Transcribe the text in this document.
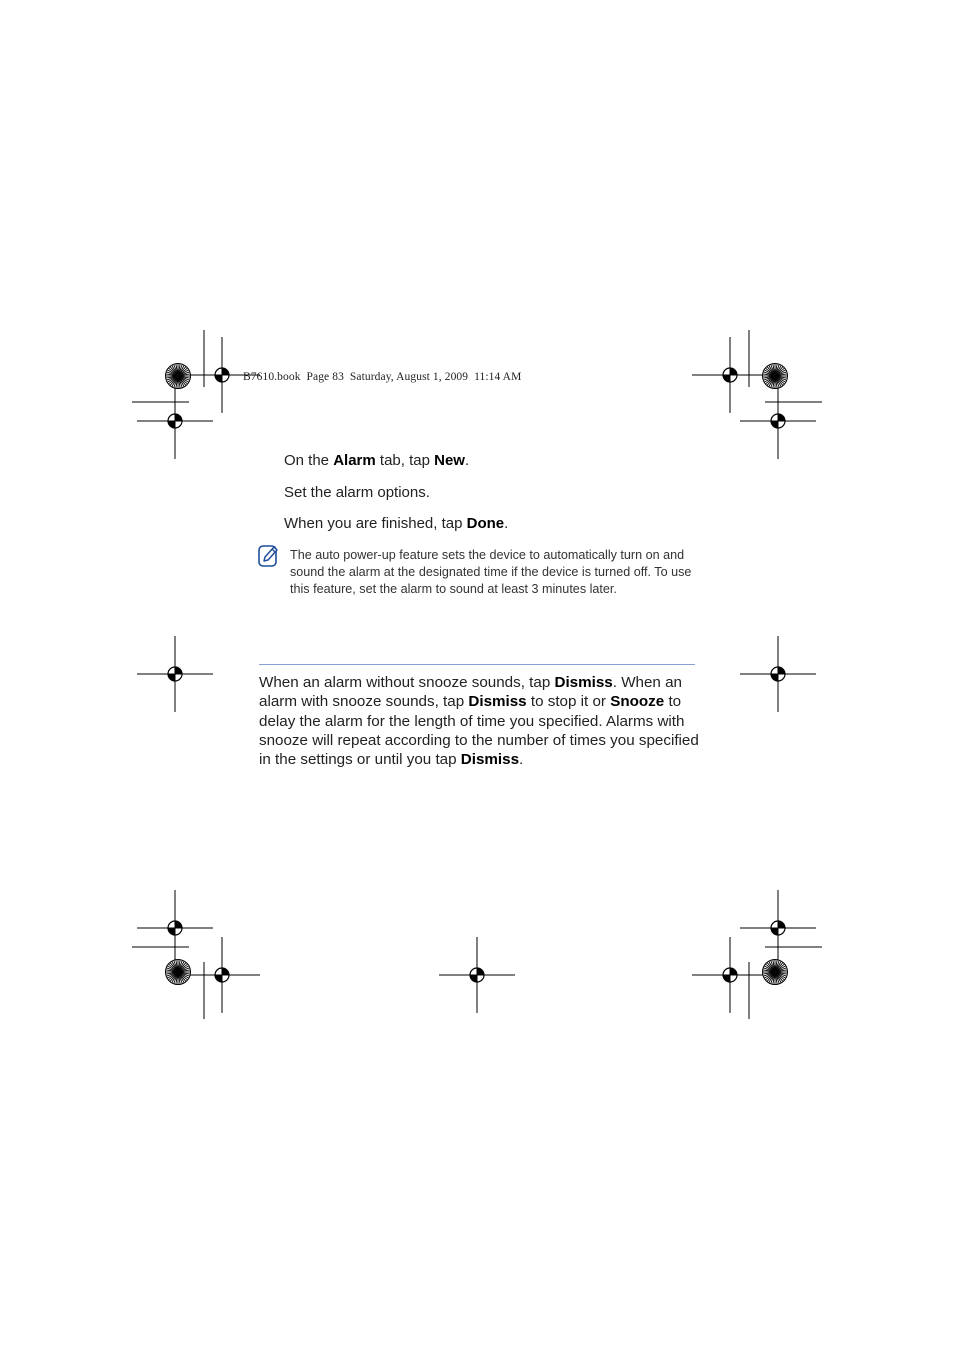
B7610.book  Page 83  Saturday, August 1, 2009  11:14 AM
On the Alarm tab, tap New.
Set the alarm options.
When you are finished, tap Done.
The auto power-up feature sets the device to automatically turn on and sound the alarm at the designated time if the device is turned off. To use this feature, set the alarm to sound at least 3 minutes later.
When an alarm without snooze sounds, tap Dismiss. When an alarm with snooze sounds, tap Dismiss to stop it or Snooze to delay the alarm for the length of time you specified. Alarms with snooze will repeat according to the number of times you specified in the settings or until you tap Dismiss.
